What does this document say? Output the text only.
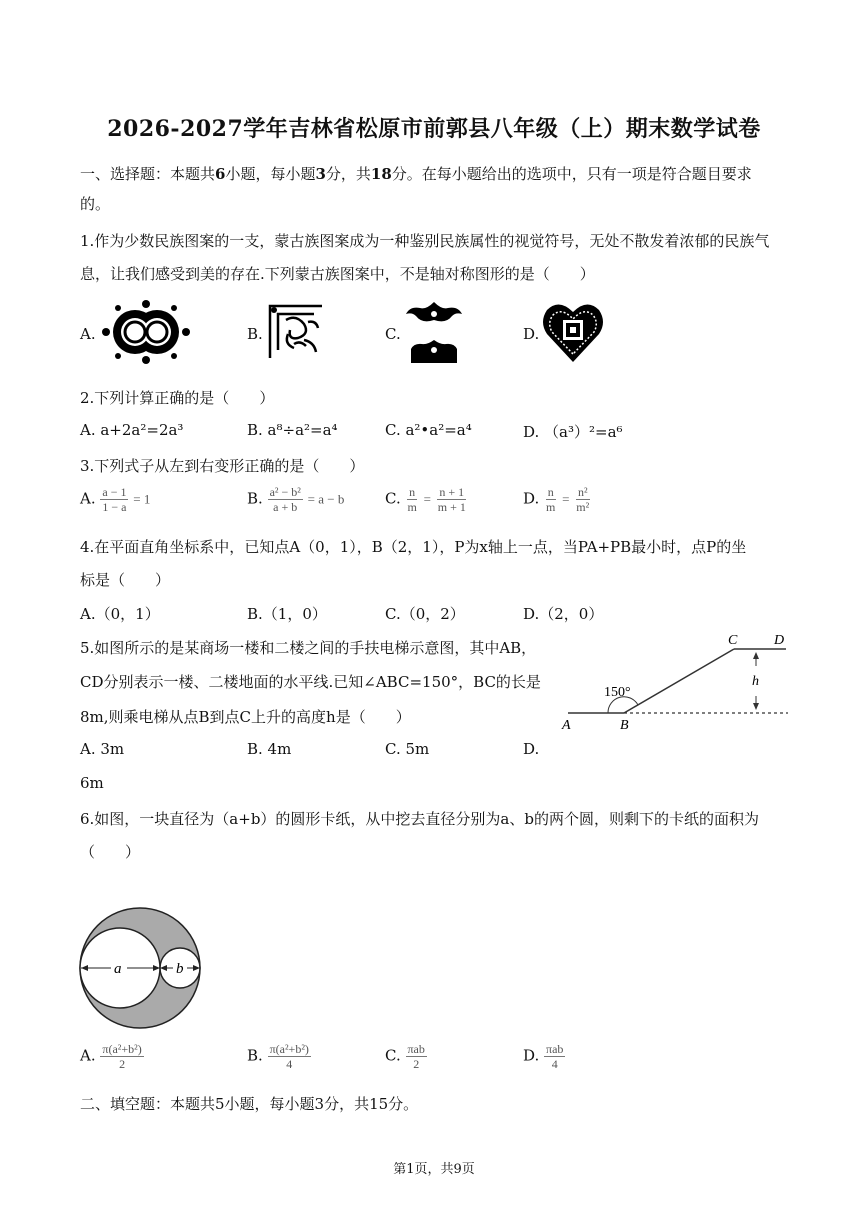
2026-2027学年吉林省松原市前郭县八年级（上）期末数学试卷
一、选择题：本题共6小题，每小题3分，共18分。在每小题给出的选项中，只有一项是符合题目要求
的。
1.作为少数民族图案的一支，蒙古族图案成为一种鉴别民族属性的视觉符号，无处不散发着浓郁的民族气
息，让我们感受到美的存在.下列蒙古族图案中，不是轴对称图形的是（　　）
A.	B.	C.	D.
2.下列计算正确的是（　　）
A. a+2a²=2a³	B. a⁸÷a²=a⁴	C. a²•a²=a⁴	D. （a³）²=a⁶
3.下列式子从左到右变形正确的是（　　）
A. $\frac{a - 1}{1 - a} = 1$	B. $\frac{\text{a² − b²}}{a + b} = a - b$	C. $\frac{n}{m} = \frac{n + 1}{m + 1}$	D. $\frac{n}{m} = \frac{\text{n²}}{\text{m²}}$
4.在平面直角坐标系中，已知点A（0，1），B（2，1），P为x轴上一点，当PA+PB最小时，点P的坐
标是（　　）
A.（0，1）	B.（1，0）	C.（0，2）	D.（2，0）
5.如图所示的是某商场一楼和二楼之间的手扶电梯示意图，其中AB，
CD分别表示一楼、二楼地面的水平线.已知∠ABC=150°，BC的长是
8m,则乘电梯从点B到点C上升的高度h是（　　）
A. 3m	B. 4m	C. 5m	D.
6m
A	B
C	D
h
150°
6.如图，一块直径为（a+b）的圆形卡纸，从中挖去直径分别为a、b的两个圆，则剩下的卡纸的面积为
（　　）
a	b
A. $\frac{\text{π(a²+b²)}}{2}$	B. $\frac{\text{π(a²+b²)}}{4}$	C. $\frac{\text{πab}}{2}$	D. $\frac{\text{πab}}{4}$
二、填空题：本题共5小题，每小题3分，共15分。
第1页，共9页
